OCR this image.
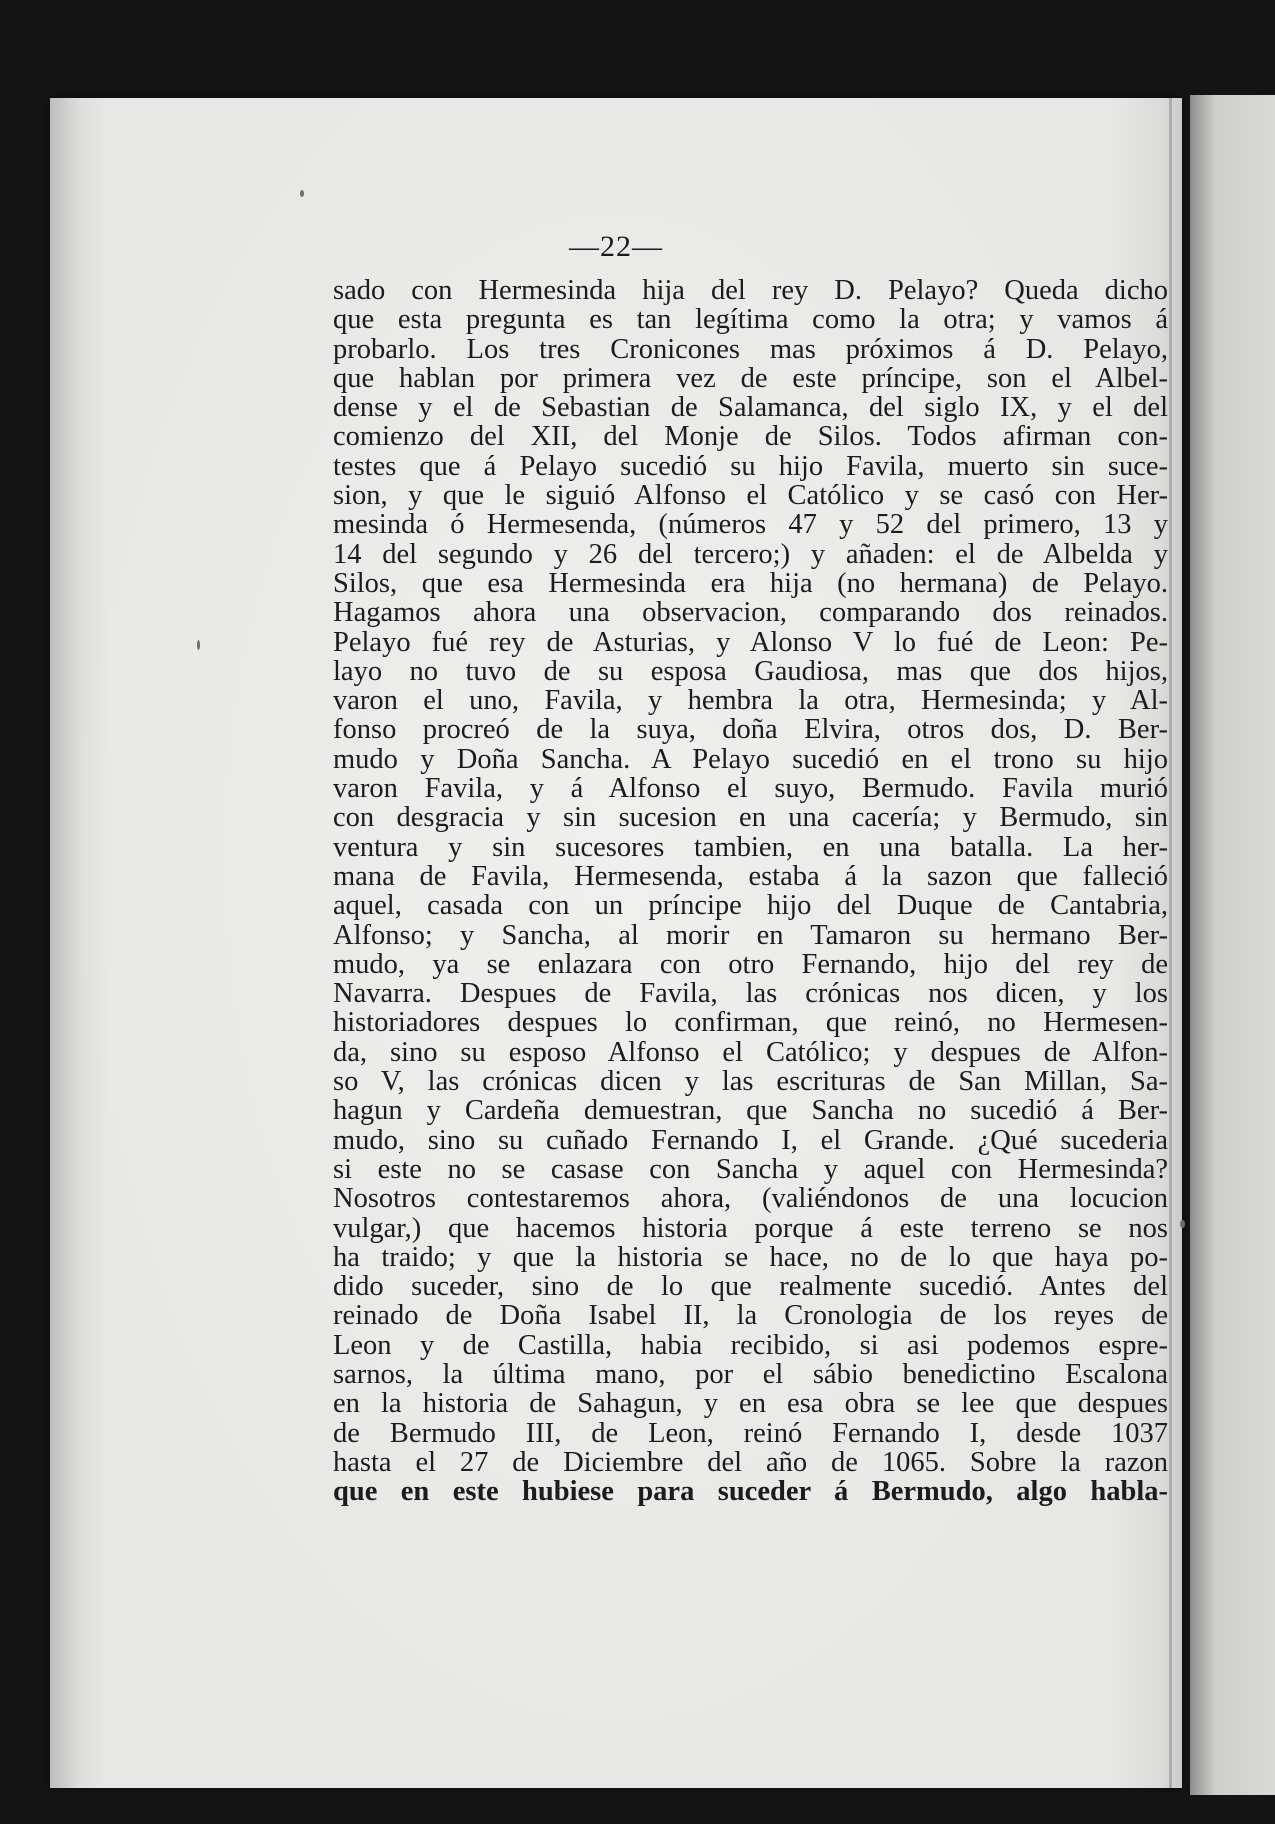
—22—
sado con Hermesinda hija del rey D. Pelayo? Queda dicho
que esta pregunta es tan legítima como la otra; y vamos á
probarlo. Los tres Cronicones mas próximos á D. Pelayo,
que hablan por primera vez de este príncipe, son el Albel-
dense y el de Sebastian de Salamanca, del siglo IX, y el del
comienzo del XII, del Monje de Silos. Todos afirman con-
testes que á Pelayo sucedió su hijo Favila, muerto sin suce-
sion, y que le siguió Alfonso el Católico y se casó con Her-
mesinda ó Hermesenda, (números 47 y 52 del primero, 13 y
14 del segundo y 26 del tercero;) y añaden: el de Albelda y
Silos, que esa Hermesinda era hija (no hermana) de Pelayo.
Hagamos ahora una observacion, comparando dos reinados.
Pelayo fué rey de Asturias, y Alonso V lo fué de Leon: Pe-
layo no tuvo de su esposa Gaudiosa, mas que dos hijos,
varon el uno, Favila, y hembra la otra, Hermesinda; y Al-
fonso procreó de la suya, doña Elvira, otros dos, D. Ber-
mudo y Doña Sancha. A Pelayo sucedió en el trono su hijo
varon Favila, y á Alfonso el suyo, Bermudo. Favila murió
con desgracia y sin sucesion en una cacería; y Bermudo, sin
ventura y sin sucesores tambien, en una batalla. La her-
mana de Favila, Hermesenda, estaba á la sazon que falleció
aquel, casada con un príncipe hijo del Duque de Cantabria,
Alfonso; y Sancha, al morir en Tamaron su hermano Ber-
mudo, ya se enlazara con otro Fernando, hijo del rey de
Navarra. Despues de Favila, las crónicas nos dicen, y los
historiadores despues lo confirman, que reinó, no Hermesen-
da, sino su esposo Alfonso el Católico; y despues de Alfon-
so V, las crónicas dicen y las escrituras de San Millan, Sa-
hagun y Cardeña demuestran, que Sancha no sucedió á Ber-
mudo, sino su cuñado Fernando I, el Grande. ¿Qué sucederia
si este no se casase con Sancha y aquel con Hermesinda?
Nosotros contestaremos ahora, (valiéndonos de una locucion
vulgar,) que hacemos historia porque á este terreno se nos
ha traido; y que la historia se hace, no de lo que haya po-
dido suceder, sino de lo que realmente sucedió. Antes del
reinado de Doña Isabel II, la Cronologia de los reyes de
Leon y de Castilla, habia recibido, si asi podemos espre-
sarnos, la última mano, por el sábio benedictino Escalona
en la historia de Sahagun, y en esa obra se lee que despues
de Bermudo III, de Leon, reinó Fernando I, desde 1037
hasta el 27 de Diciembre del año de 1065. Sobre la razon
que en este hubiese para suceder á Bermudo, algo habla-
